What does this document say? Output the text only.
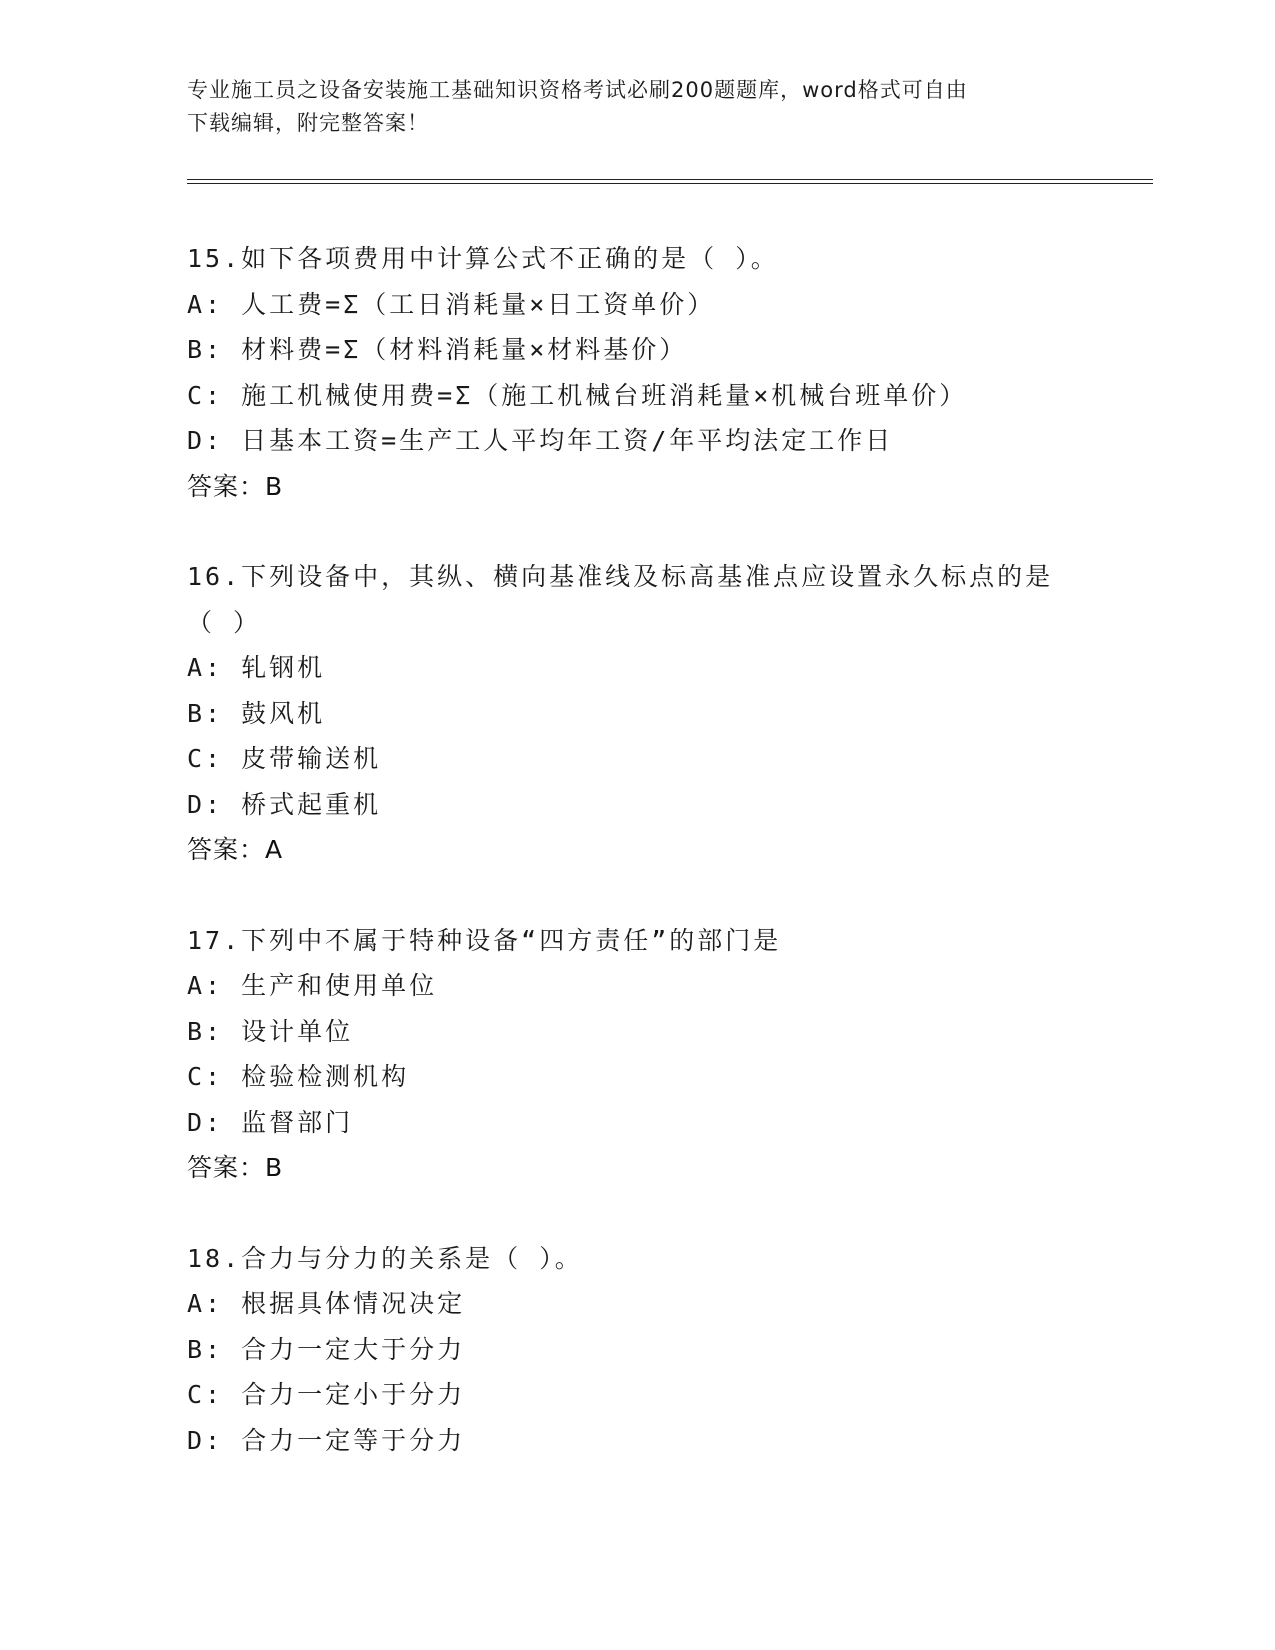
专业施工员之设备安装施工基础知识资格考试必刷200题题库，word格式可自由
下载编辑，附完整答案！
15.如下各项费用中计算公式不正确的是（ ）。
A: 人工费=Σ（工日消耗量×日工资单价）
B: 材料费=Σ（材料消耗量×材料基价）
C: 施工机械使用费=Σ（施工机械台班消耗量×机械台班单价）
D: 日基本工资=生产工人平均年工资/年平均法定工作日
答案：B
16.下列设备中，其纵、横向基准线及标高基准点应设置永久标点的是
（ ）
A: 轧钢机
B: 鼓风机
C: 皮带输送机
D: 桥式起重机
答案：A
17.下列中不属于特种设备“四方责任”的部门是
A: 生产和使用单位
B: 设计单位
C: 检验检测机构
D: 监督部门
答案：B
18.合力与分力的关系是（ ）。
A: 根据具体情况决定
B: 合力一定大于分力
C: 合力一定小于分力
D: 合力一定等于分力
